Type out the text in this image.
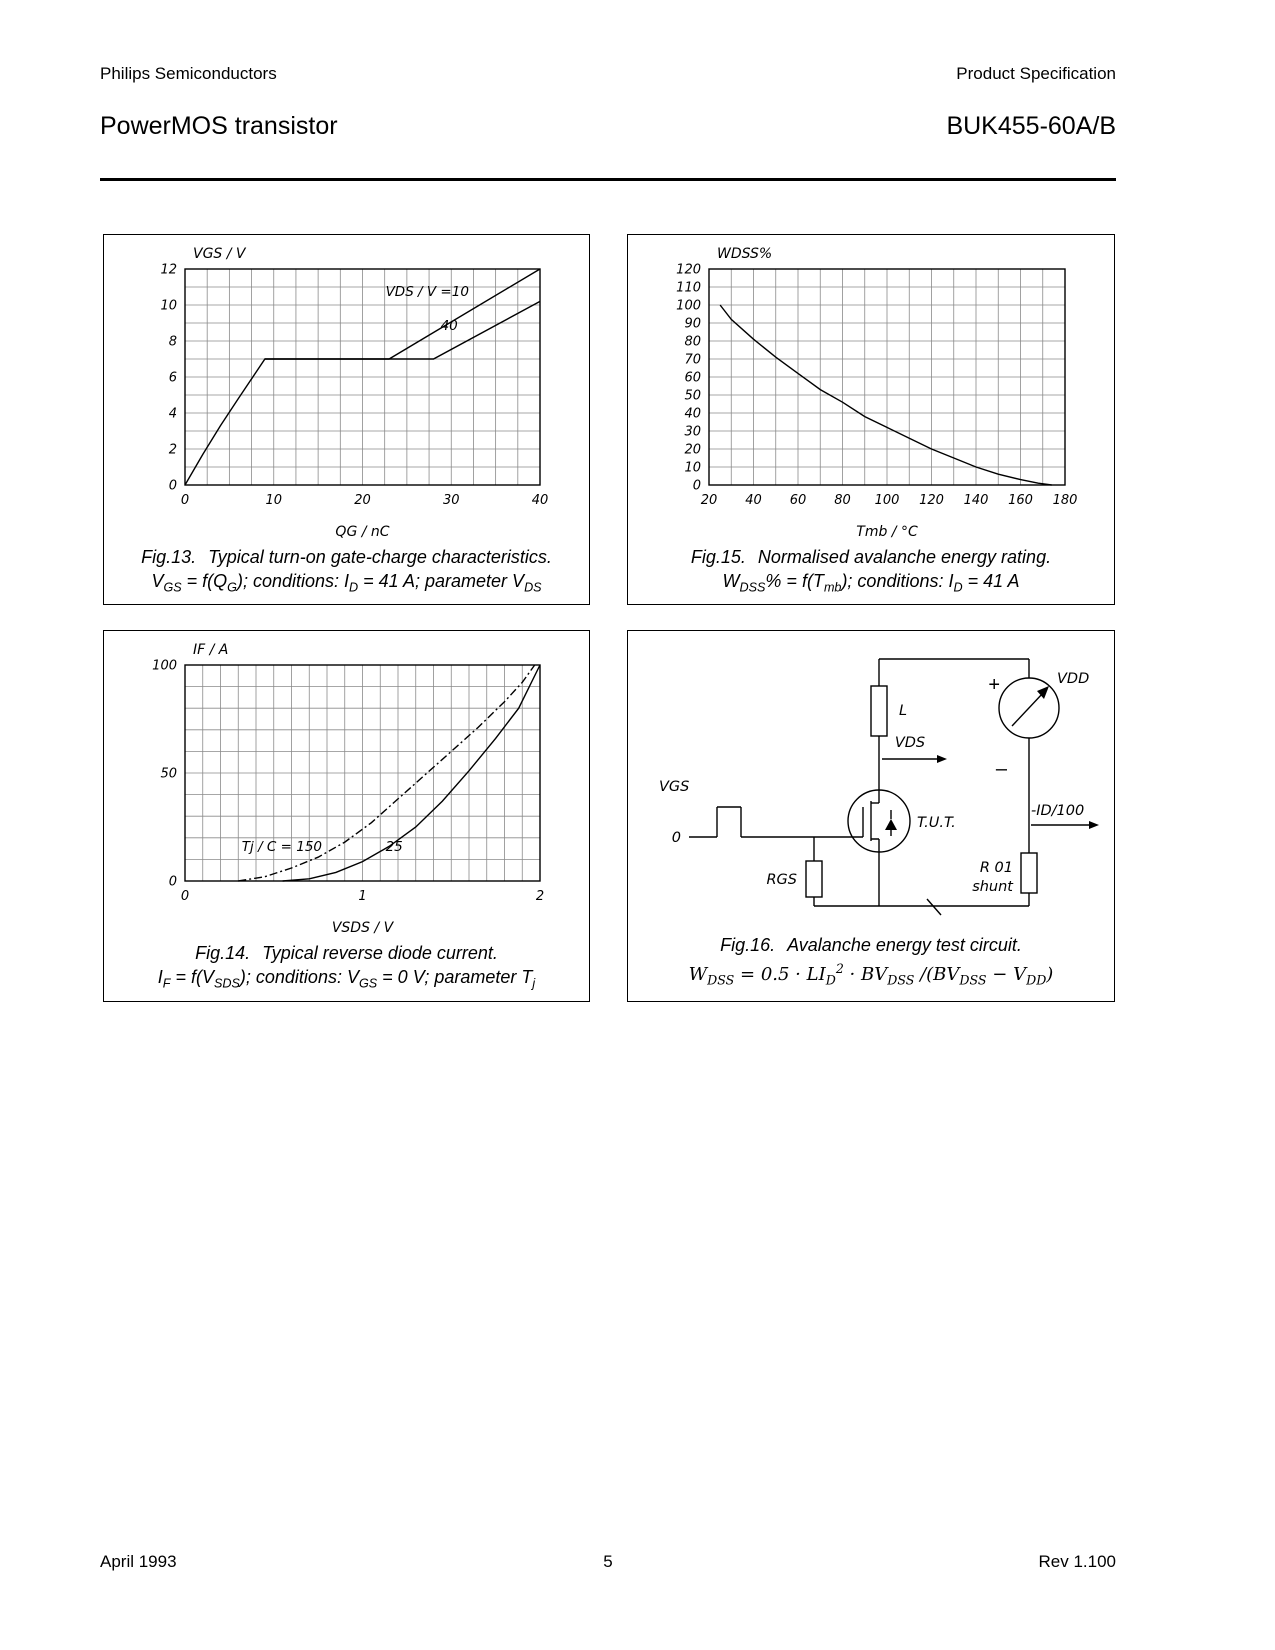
Philips Semiconductors	Product Specification
PowerMOS transistor	BUK455-60A/B
0
2
4
6
8
10
12
0	10	20	30	40
VGS / V
QG / nC
VDS / V =10
40
Fig.13. Typical turn-on gate-charge characteristics.
$V_{GS} = f(Q_G)$; conditions: $I_D = 41$ A; parameter $V_{DS}$
0
10
20
30
40
50
60
70
80
90
100
110
120
20 40 60 80 100 120 140 160 180
WDSS%
Tmb / °C
Fig.15. Normalised avalanche energy rating.
$W_{DSS}\% = f(T_{mb})$; conditions: $I_D = 41$ A
0
50
100
0	1	2
IF / A
VSDS / V
Tj / C = 150	25
Fig.14. Typical reverse diode current.
$I_F = f(V_{SDS})$; conditions: $V_{GS} = 0$ V; parameter $T_j$
VGS
0
L
VDS
T.U.T.
RGS
+	VDD
–
-ID/100
R 01
shunt
Fig.16. Avalanche energy test circuit.
$W_{DSS} = 0.5 \cdot LI_D^2 \cdot BV_{DSS}$ $/(BV_{DSS} - V_{DD})$
April 1993	5	Rev 1.100
